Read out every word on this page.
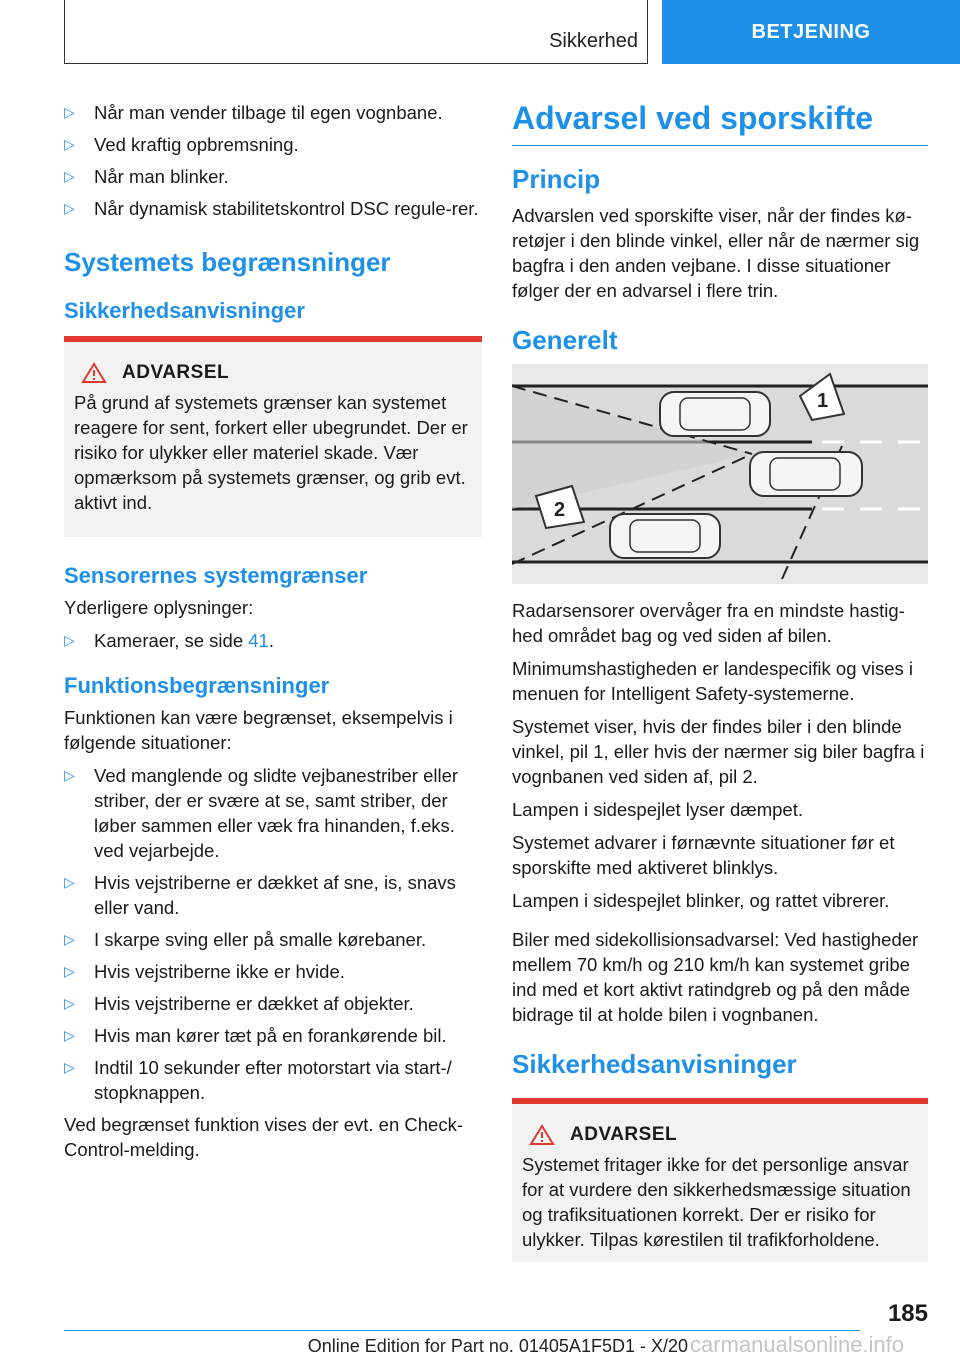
Sikkerhed	BETJENING
▷	Når man vender tilbage til egen vognbane.
▷	Ved kraftig opbremsning.
▷	Når man blinker.
▷	Når dynamisk stabilitetskontrol DSC regule-rer.
Systemets begrænsninger
Sikkerhedsanvisninger
ADVARSEL
På grund af systemets grænser kan systemet reagere for sent, forkert eller ubegrundet. Der er risiko for ulykker eller materiel skade. Vær opmærksom på systemets grænser, og grib evt. aktivt ind.
Sensorernes systemgrænser
Yderligere oplysninger:
▷	Kameraer, se side 41.
Funktionsbegrænsninger
Funktionen kan være begrænset, eksempelvis i følgende situationer:
▷	Ved manglende og slidte vejbanestriber eller striber, der er svære at se, samt striber, der løber sammen eller væk fra hinanden, f.eks. ved vejarbejde.
▷	Hvis vejstriberne er dækket af sne, is, snavs eller vand.
▷	I skarpe sving eller på smalle kørebaner.
▷	Hvis vejstriberne ikke er hvide.
▷	Hvis vejstriberne er dækket af objekter.
▷	Hvis man kører tæt på en forankørende bil.
▷	Indtil 10 sekunder efter motorstart via start-/ stopknappen.
Ved begrænset funktion vises der evt. en Check-Control-melding.
Advarsel ved sporskifte
Princip
Advarslen ved sporskifte viser, når der findes kø-retøjer i den blinde vinkel, eller når de nærmer sig bagfra i den anden vejbane. I disse situationer følger der en advarsel i flere trin.
Generelt
1
2
Radarsensorer overvåger fra en mindste hastig-hed området bag og ved siden af bilen.
Minimumshastigheden er landespecifik og vises i menuen for Intelligent Safety-systemerne.
Systemet viser, hvis der findes biler i den blinde vinkel, pil 1, eller hvis der nærmer sig biler bagfra i vognbanen ved siden af, pil 2.
Lampen i sidespejlet lyser dæmpet.
Systemet advarer i førnævnte situationer før et sporskifte med aktiveret blinklys.
Lampen i sidespejlet blinker, og rattet vibrerer.
Biler med sidekollisionsadvarsel: Ved hastigheder mellem 70 km/h og 210 km/h kan systemet gribe ind med et kort aktivt ratindgreb og på den måde bidrage til at holde bilen i vognbanen.
Sikkerhedsanvisninger
ADVARSEL
Systemet fritager ikke for det personlige ansvar for at vurdere den sikkerhedsmæssige situation og trafiksituationen korrekt. Der er risiko for ulykker. Tilpas kørestilen til trafikforholdene.
185
Online Edition for Part no. 01405A1F5D1 - X/20 carmanualsonline.info
